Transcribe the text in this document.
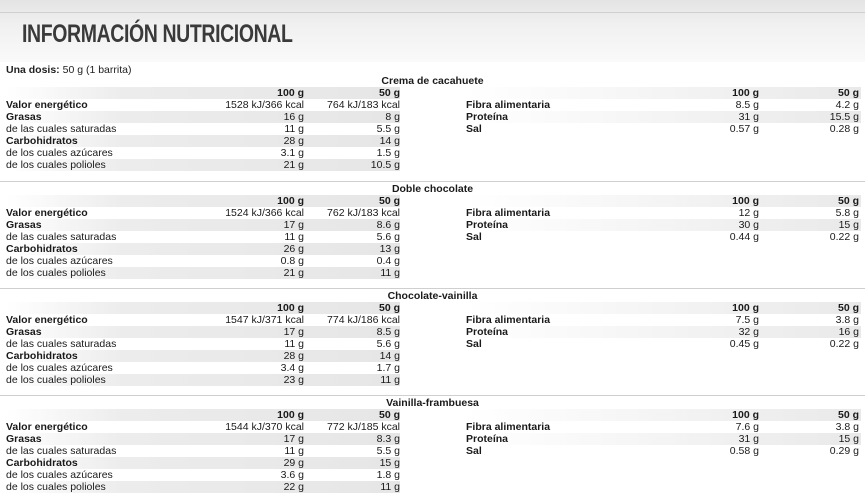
INFORMACIÓN NUTRICIONAL
Una dosis: 50 g (1 barrita)
Crema de cacahuete
100 g	50 g
Valor energético	1528 kJ/366 kcal 764 kJ/183 kcal
Grasas	16 g	8 g
de las cuales saturadas	11 g	5.5 g
Carbohidratos	28 g	14 g
de los cuales azúcares	3.1 g	1.5 g
de los cuales polioles	21 g	10.5 g
100 g	50 g
Fibra alimentaria	8.5 g	4.2 g
Proteína	31 g	15.5 g
Sal	0.57 g	0.28 g
Doble chocolate
100 g	50 g
Valor energético	1524 kJ/366 kcal 762 kJ/183 kcal
Grasas	17 g	8.6 g
de las cuales saturadas	11 g	5.6 g
Carbohidratos	26 g	13 g
de los cuales azúcares	0.8 g	0.4 g
de los cuales polioles	21 g	11 g
100 g	50 g
Fibra alimentaria	12 g	5.8 g
Proteína	30 g	15 g
Sal	0.44 g	0.22 g
Chocolate-vainilla
100 g	50 g
Valor energético	1547 kJ/371 kcal 774 kJ/186 kcal
Grasas	17 g	8.5 g
de las cuales saturadas	11 g	5.6 g
Carbohidratos	28 g	14 g
de los cuales azúcares	3.4 g	1.7 g
de los cuales polioles	23 g	11 g
100 g	50 g
Fibra alimentaria	7.5 g	3.8 g
Proteína	32 g	16 g
Sal	0.45 g	0.22 g
Vainilla-frambuesa
100 g	50 g
Valor energético	1544 kJ/370 kcal 772 kJ/185 kcal
Grasas	17 g	8.3 g
de las cuales saturadas	11 g	5.5 g
Carbohidratos	29 g	15 g
de los cuales azúcares	3.6 g	1.8 g
de los cuales polioles	22 g	11 g
100 g	50 g
Fibra alimentaria	7.6 g	3.8 g
Proteína	31 g	15 g
Sal	0.58 g	0.29 g
